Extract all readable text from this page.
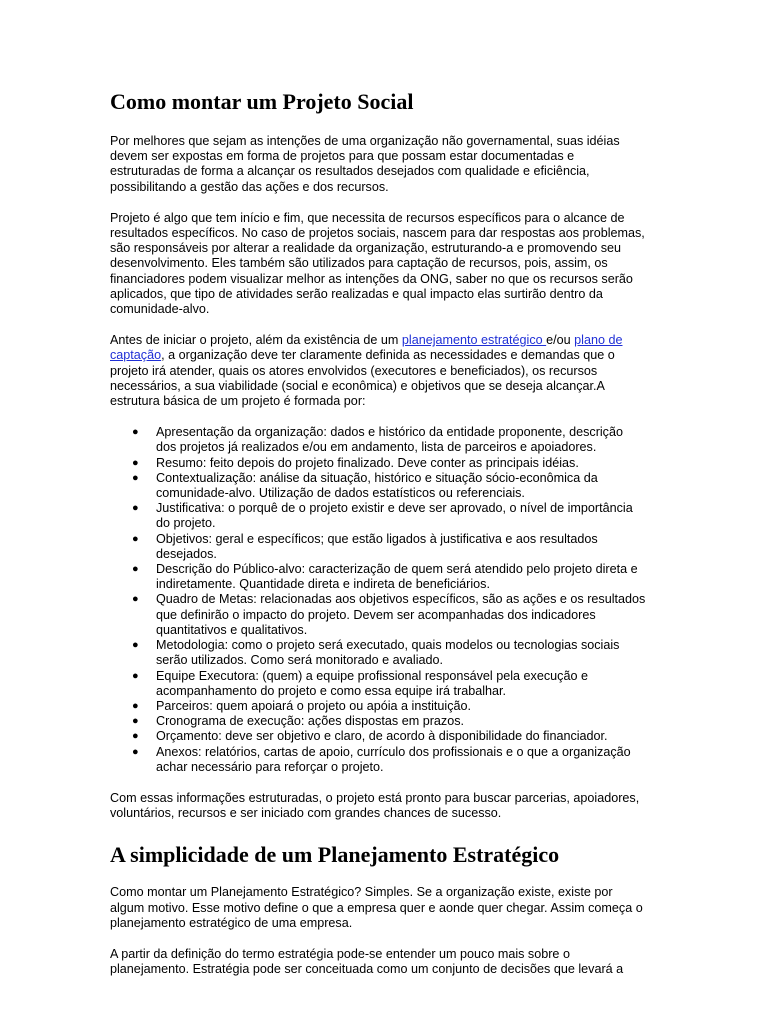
Como montar um Projeto Social

Por melhores que sejam as intenções de uma organização não governamental, suas idéias devem ser expostas em forma de projetos para que possam estar documentadas e estruturadas de forma a alcançar os resultados desejados com qualidade e eficiência, possibilitando a gestão das ações e dos recursos.

Projeto é algo que tem início e fim, que necessita de recursos específicos para o alcance de resultados específicos. No caso de projetos sociais, nascem para dar respostas aos problemas, são responsáveis por alterar a realidade da organização, estruturando-a e promovendo seu desenvolvimento. Eles também são utilizados para captação de recursos, pois, assim, os financiadores podem visualizar melhor as intenções da ONG, saber no que os recursos serão aplicados, que tipo de atividades serão realizadas e qual impacto elas surtirão dentro da comunidade-alvo.

Antes de iniciar o projeto, além da existência de um planejamento estratégico e/ou plano de captação, a organização deve ter claramente definida as necessidades e demandas que o projeto irá atender, quais os atores envolvidos (executores e beneficiados), os recursos necessários, a sua viabilidade (social e econômica) e objetivos que se deseja alcançar.A estrutura básica de um projeto é formada por:

● Apresentação da organização: dados e histórico da entidade proponente, descrição dos projetos já realizados e/ou em andamento, lista de parceiros e apoiadores.
● Resumo: feito depois do projeto finalizado. Deve conter as principais idéias.
● Contextualização: análise da situação, histórico e situação sócio-econômica da comunidade-alvo. Utilização de dados estatísticos ou referenciais.
● Justificativa: o porquê de o projeto existir e deve ser aprovado, o nível de importância do projeto.
● Objetivos: geral e específicos; que estão ligados à justificativa e aos resultados desejados.
● Descrição do Público-alvo: caracterização de quem será atendido pelo projeto direta e indiretamente. Quantidade direta e indireta de beneficiários.
● Quadro de Metas: relacionadas aos objetivos específicos, são as ações e os resultados que definirão o impacto do projeto. Devem ser acompanhadas dos indicadores quantitativos e qualitativos.
● Metodologia: como o projeto será executado, quais modelos ou tecnologias sociais serão utilizados. Como será monitorado e avaliado.
● Equipe Executora: (quem) a equipe profissional responsável pela execução e acompanhamento do projeto e como essa equipe irá trabalhar.
● Parceiros: quem apoiará o projeto ou apóia a instituição.
● Cronograma de execução: ações dispostas em prazos.
● Orçamento: deve ser objetivo e claro, de acordo à disponibilidade do financiador.
● Anexos: relatórios, cartas de apoio, currículo dos profissionais e o que a organização achar necessário para reforçar o projeto.

Com essas informações estruturadas, o projeto está pronto para buscar parcerias, apoiadores, voluntários, recursos e ser iniciado com grandes chances de sucesso.

A simplicidade de um Planejamento Estratégico

Como montar um Planejamento Estratégico? Simples. Se a organização existe, existe por algum motivo. Esse motivo define o que a empresa quer e aonde quer chegar. Assim começa o planejamento estratégico de uma empresa.

A partir da definição do termo estratégia pode-se entender um pouco mais sobre o planejamento. Estratégia pode ser conceituada como um conjunto de decisões que levará a
